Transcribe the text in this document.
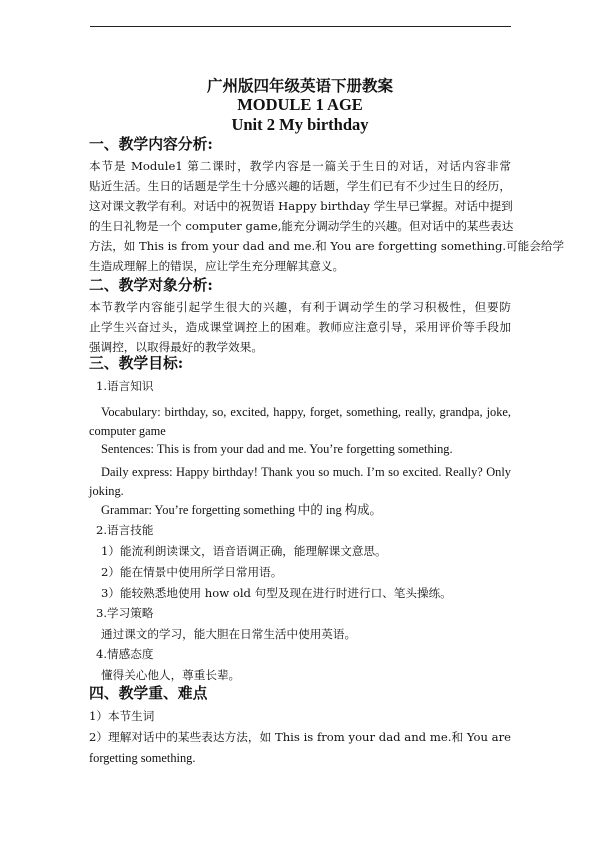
广州版四年级英语下册教案
MODULE 1 AGE
Unit 2 My birthday
一、教学内容分析:
本节是 Module1 第二课时，教学内容是一篇关于生日的对话，对话内容非常
贴近生活。生日的话题是学生十分感兴趣的话题，学生们已有不少过生日的经历，
这对课文教学有利。对话中的祝贺语 Happy birthday 学生早已掌握。对话中提到
的生日礼物是一个 computer game,能充分调动学生的兴趣。但对话中的某些表达
方法，如 This is from your dad and me.和 You are forgetting something.可能会给学
生造成理解上的错误，应让学生充分理解其意义。
二、教学对象分析:
本节教学内容能引起学生很大的兴趣，有利于调动学生的学习积极性，但要防
止学生兴奋过头，造成课堂调控上的困难。教师应注意引导，采用评价等手段加
强调控，以取得最好的教学效果。
三、教学目标:
1.语言知识
Vocabulary: birthday, so, excited, happy, forget, something, really, grandpa, joke,
computer game
Sentences: This is from your dad and me. You’re forgetting something.
Daily express: Happy birthday! Thank you so much. I’m so excited. Really? Only
joking.
Grammar: You’re forgetting something 中的 ing 构成。
2.语言技能
1）能流利朗读课文，语音语调正确，能理解课文意思。
2）能在情景中使用所学日常用语。
3）能较熟悉地使用 how old 句型及现在进行时进行口、笔头操练。
3.学习策略
通过课文的学习，能大胆在日常生活中使用英语。
4.情感态度
懂得关心他人，尊重长辈。
四、教学重、难点
1）本节生词
2）理解对话中的某些表达方法，如 This is from your dad and me.和 You are
forgetting something.
